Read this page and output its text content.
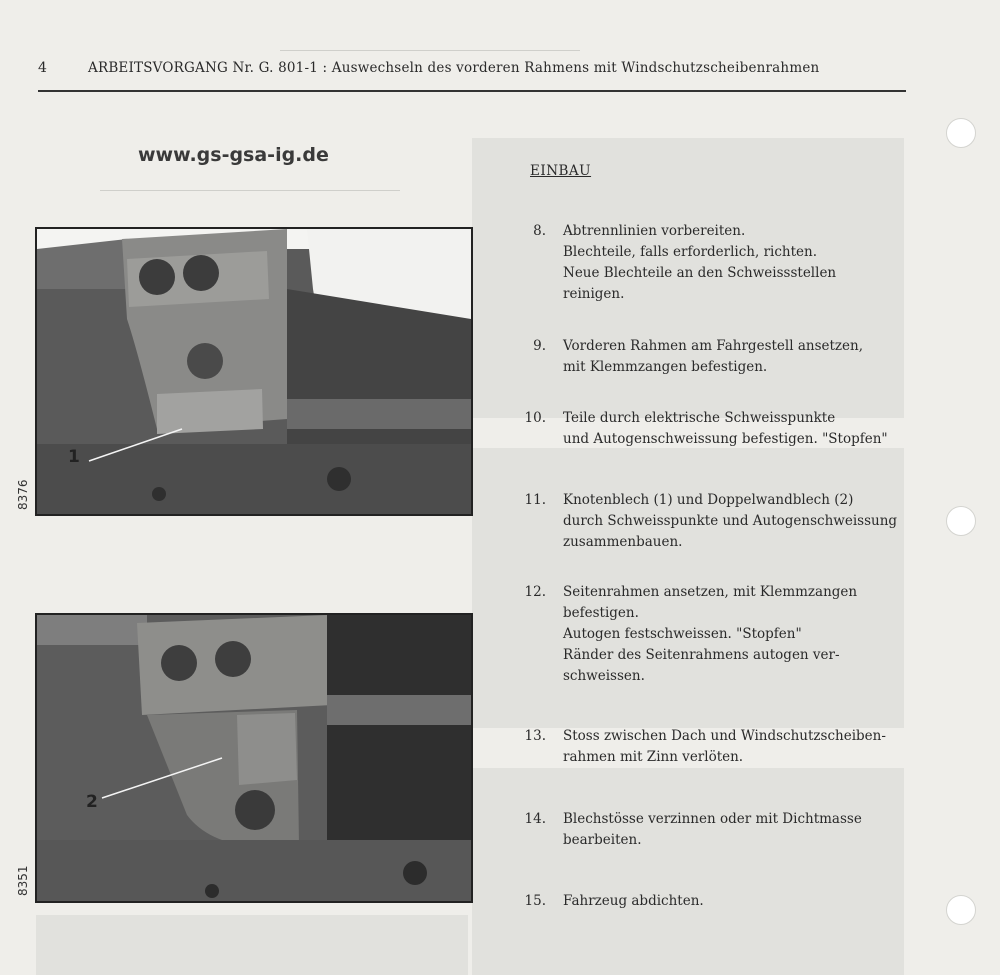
4	ARBEITSVORGANG Nr. G. 801-1 : Auswechseln des vorderen Rahmens mit Windschutzscheibenrahmen
www.gs-gsa-ig.de
EINBAU
8. Abtrennlinien vorbereiten.
Blechteile, falls erforderlich, richten.
Neue Blechteile an den Schweissstellen
reinigen.
9. Vorderen Rahmen am Fahrgestell ansetzen,
mit Klemmzangen befestigen.
10. Teile durch elektrische Schweisspunkte
und Autogenschweissung befestigen. "Stopfen"
11. Knotenblech (1) und Doppelwandblech (2)
durch Schweisspunkte und Autogenschweissung
zusammenbauen.
12. Seitenrahmen ansetzen, mit Klemmzangen
befestigen.
Autogen festschweissen. "Stopfen"
Ränder des Seitenrahmens autogen ver-
schweissen.
13. Stoss zwischen Dach und Windschutzscheiben-
rahmen mit Zinn verlöten.
14. Blechstösse verzinnen oder mit Dichtmasse
bearbeiten.
15. Fahrzeug abdichten.
1
8376
2
8351
